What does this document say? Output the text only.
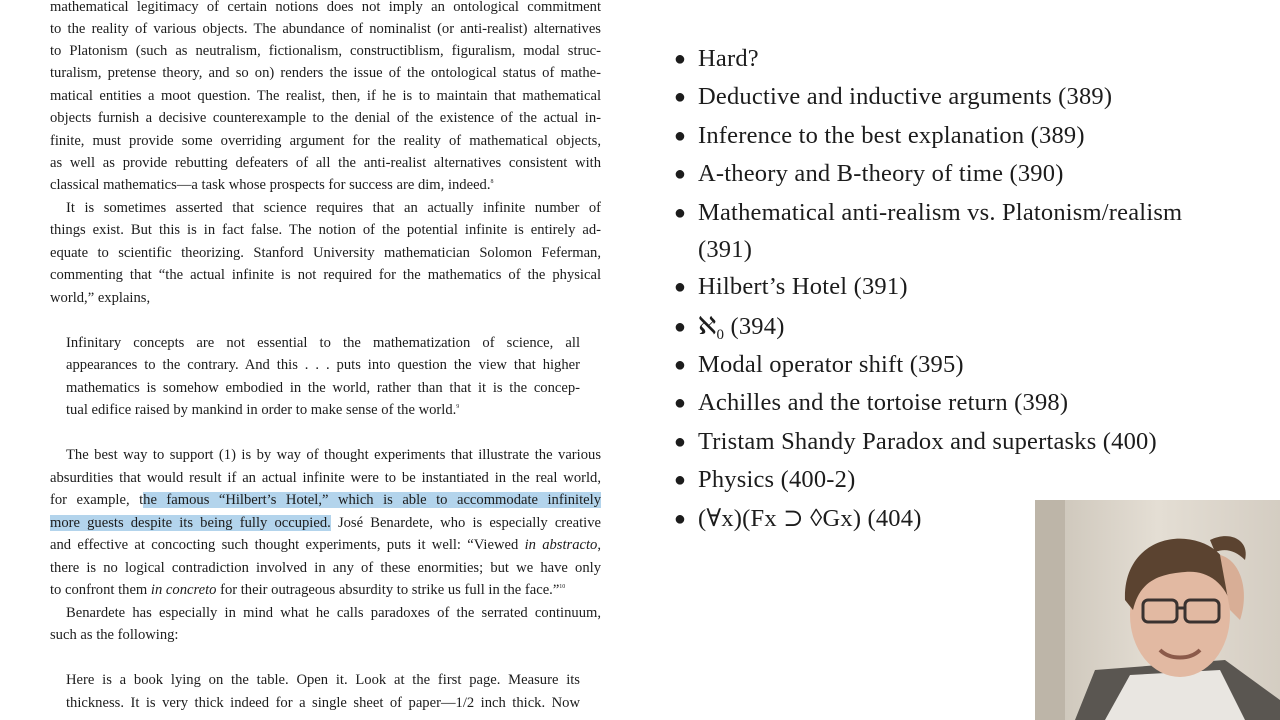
mathematical legitimacy of certain notions does not imply an ontological commitment
to the reality of various objects. The abundance of nominalist (or anti-realist) alternatives
to Platonism (such as neutralism, fictionalism, constructiblism, figuralism, modal struc-
turalism, pretense theory, and so on) renders the issue of the ontological status of mathe-
matical entities a moot question. The realist, then, if he is to maintain that mathematical
objects furnish a decisive counterexample to the denial of the existence of the actual in-
finite, must provide some overriding argument for the reality of mathematical objects,
as well as provide rebutting defeaters of all the anti-realist alternatives consistent with
classical mathematics—a task whose prospects for success are dim, indeed.$^8$
It is sometimes asserted that science requires that an actually infinite number of
things exist. But this is in fact false. The notion of the potential infinite is entirely ad-
equate to scientific theorizing. Stanford University mathematician Solomon Feferman,
commenting that “the actual infinite is not required for the mathematics of the physical
world,” explains,
Infinitary concepts are not essential to the mathematization of science, all
appearances to the contrary. And this . . . puts into question the view that higher
mathematics is somehow embodied in the world, rather than that it is the concep-
tual edifice raised by mankind in order to make sense of the world.$^9$
The best way to support (1) is by way of thought experiments that illustrate the various
absurdities that would result if an actual infinite were to be instantiated in the real world,
for example, the famous “Hilbert’s Hotel,” which is able to accommodate infinitely
more guests despite its being fully occupied. José Benardete, who is especially creative
and effective at concocting such thought experiments, puts it well: “Viewed in abstracto,
there is no logical contradiction involved in any of these enormities; but we have only
to confront them in concreto for their outrageous absurdity to strike us full in the face.”$^{10}$
Benardete has especially in mind what he calls paradoxes of the serrated continuum,
such as the following:
Here is a book lying on the table. Open it. Look at the first page. Measure its
thickness. It is very thick indeed for a single sheet of paper—1/2 inch thick. Now
● Hard?
● Deductive and inductive arguments (389)
● Inference to the best explanation (389)
● A-theory and B-theory of time (390)
● Mathematical anti-realism vs. Platonism/realism
(391)
● Hilbert’s Hotel (391)
● ℵ$_0$ (394)
● Modal operator shift (395)
● Achilles and the tortoise return (398)
● Tristam Shandy Paradox and supertasks (400)
● Physics (400-2)
● (∀x)(Fx ⊃ ◊Gx) (404)
